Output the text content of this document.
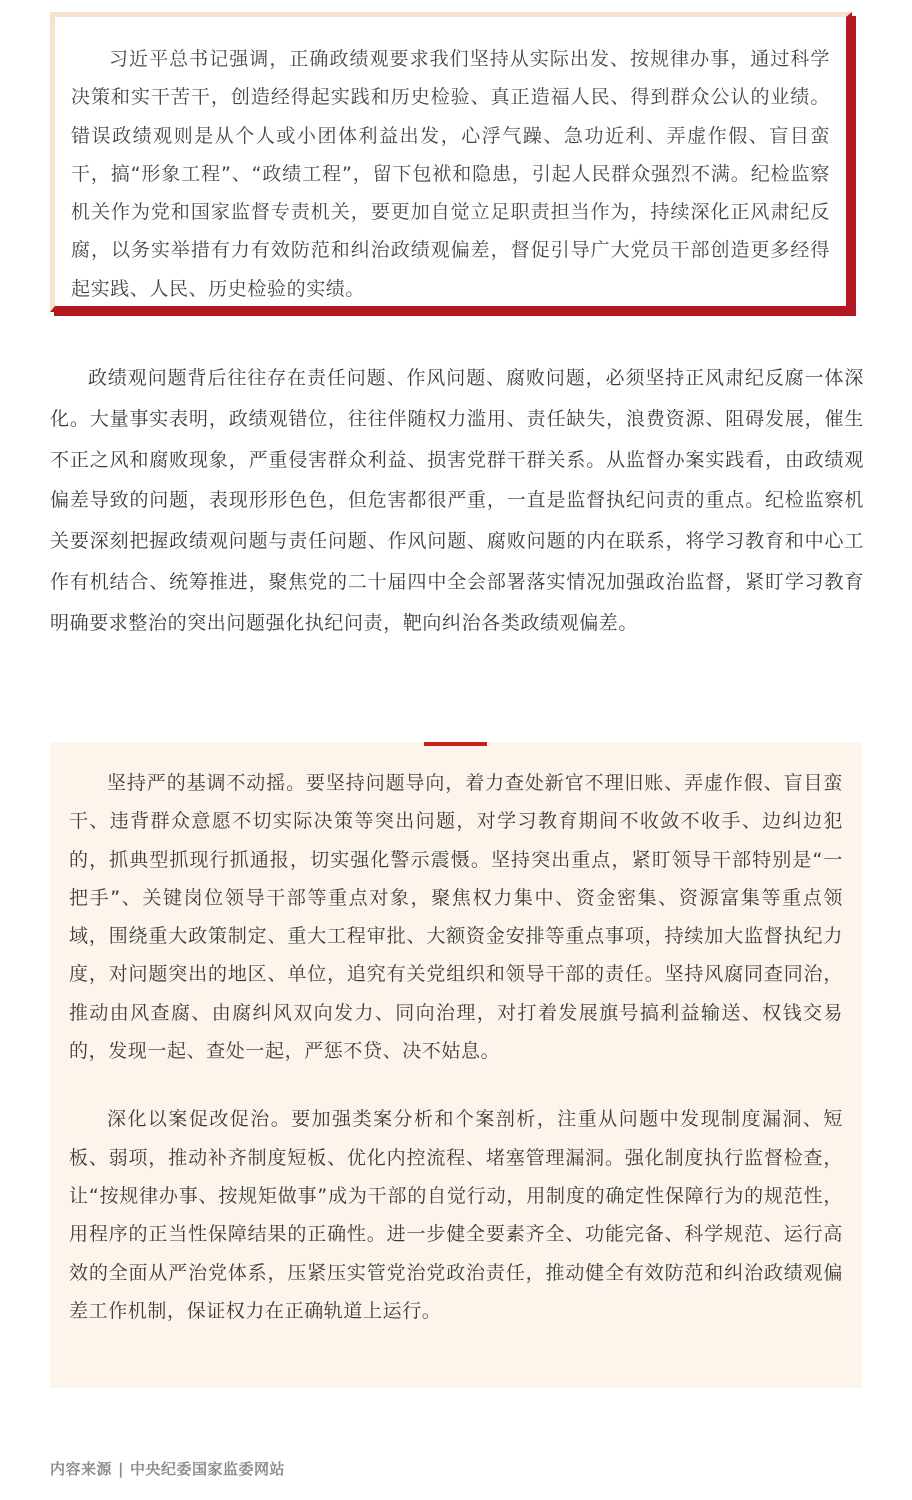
习近平总书记强调，正确政绩观要求我们坚持从实际出发、按规律办事，通过科学决策和实干苦干，创造经得起实践和历史检验、真正造福人民、得到群众公认的业绩。错误政绩观则是从个人或小团体利益出发，心浮气躁、急功近利、弄虚作假、盲目蛮干，搞“形象工程”、“政绩工程”，留下包袱和隐患，引起人民群众强烈不满。纪检监察机关作为党和国家监督专责机关，要更加自觉立足职责担当作为，持续深化正风肃纪反腐，以务实举措有力有效防范和纠治政绩观偏差，督促引导广大党员干部创造更多经得起实践、人民、历史检验的实绩。

政绩观问题背后往往存在责任问题、作风问题、腐败问题，必须坚持正风肃纪反腐一体深化。大量事实表明，政绩观错位，往往伴随权力滥用、责任缺失，浪费资源、阻碍发展，催生不正之风和腐败现象，严重侵害群众利益、损害党群干群关系。从监督办案实践看，由政绩观偏差导致的问题，表现形形色色，但危害都很严重，一直是监督执纪问责的重点。纪检监察机关要深刻把握政绩观问题与责任问题、作风问题、腐败问题的内在联系，将学习教育和中心工作有机结合、统筹推进，聚焦党的二十届四中全会部署落实情况加强政治监督，紧盯学习教育明确要求整治的突出问题强化执纪问责，靶向纠治各类政绩观偏差。

坚持严的基调不动摇。要坚持问题导向，着力查处新官不理旧账、弄虚作假、盲目蛮干、违背群众意愿不切实际决策等突出问题，对学习教育期间不收敛不收手、边纠边犯的，抓典型抓现行抓通报，切实强化警示震慑。坚持突出重点，紧盯领导干部特别是“一把手”、关键岗位领导干部等重点对象，聚焦权力集中、资金密集、资源富集等重点领域，围绕重大政策制定、重大工程审批、大额资金安排等重点事项，持续加大监督执纪力度，对问题突出的地区、单位，追究有关党组织和领导干部的责任。坚持风腐同查同治，推动由风查腐、由腐纠风双向发力、同向治理，对打着发展旗号搞利益输送、权钱交易的，发现一起、查处一起，严惩不贷、决不姑息。

深化以案促改促治。要加强类案分析和个案剖析，注重从问题中发现制度漏洞、短板、弱项，推动补齐制度短板、优化内控流程、堵塞管理漏洞。强化制度执行监督检查，让“按规律办事、按规矩做事”成为干部的自觉行动，用制度的确定性保障行为的规范性，用程序的正当性保障结果的正确性。进一步健全要素齐全、功能完备、科学规范、运行高效的全面从严治党体系，压紧压实管党治党政治责任，推动健全有效防范和纠治政绩观偏差工作机制，保证权力在正确轨道上运行。

内容来源 | 中央纪委国家监委网站
